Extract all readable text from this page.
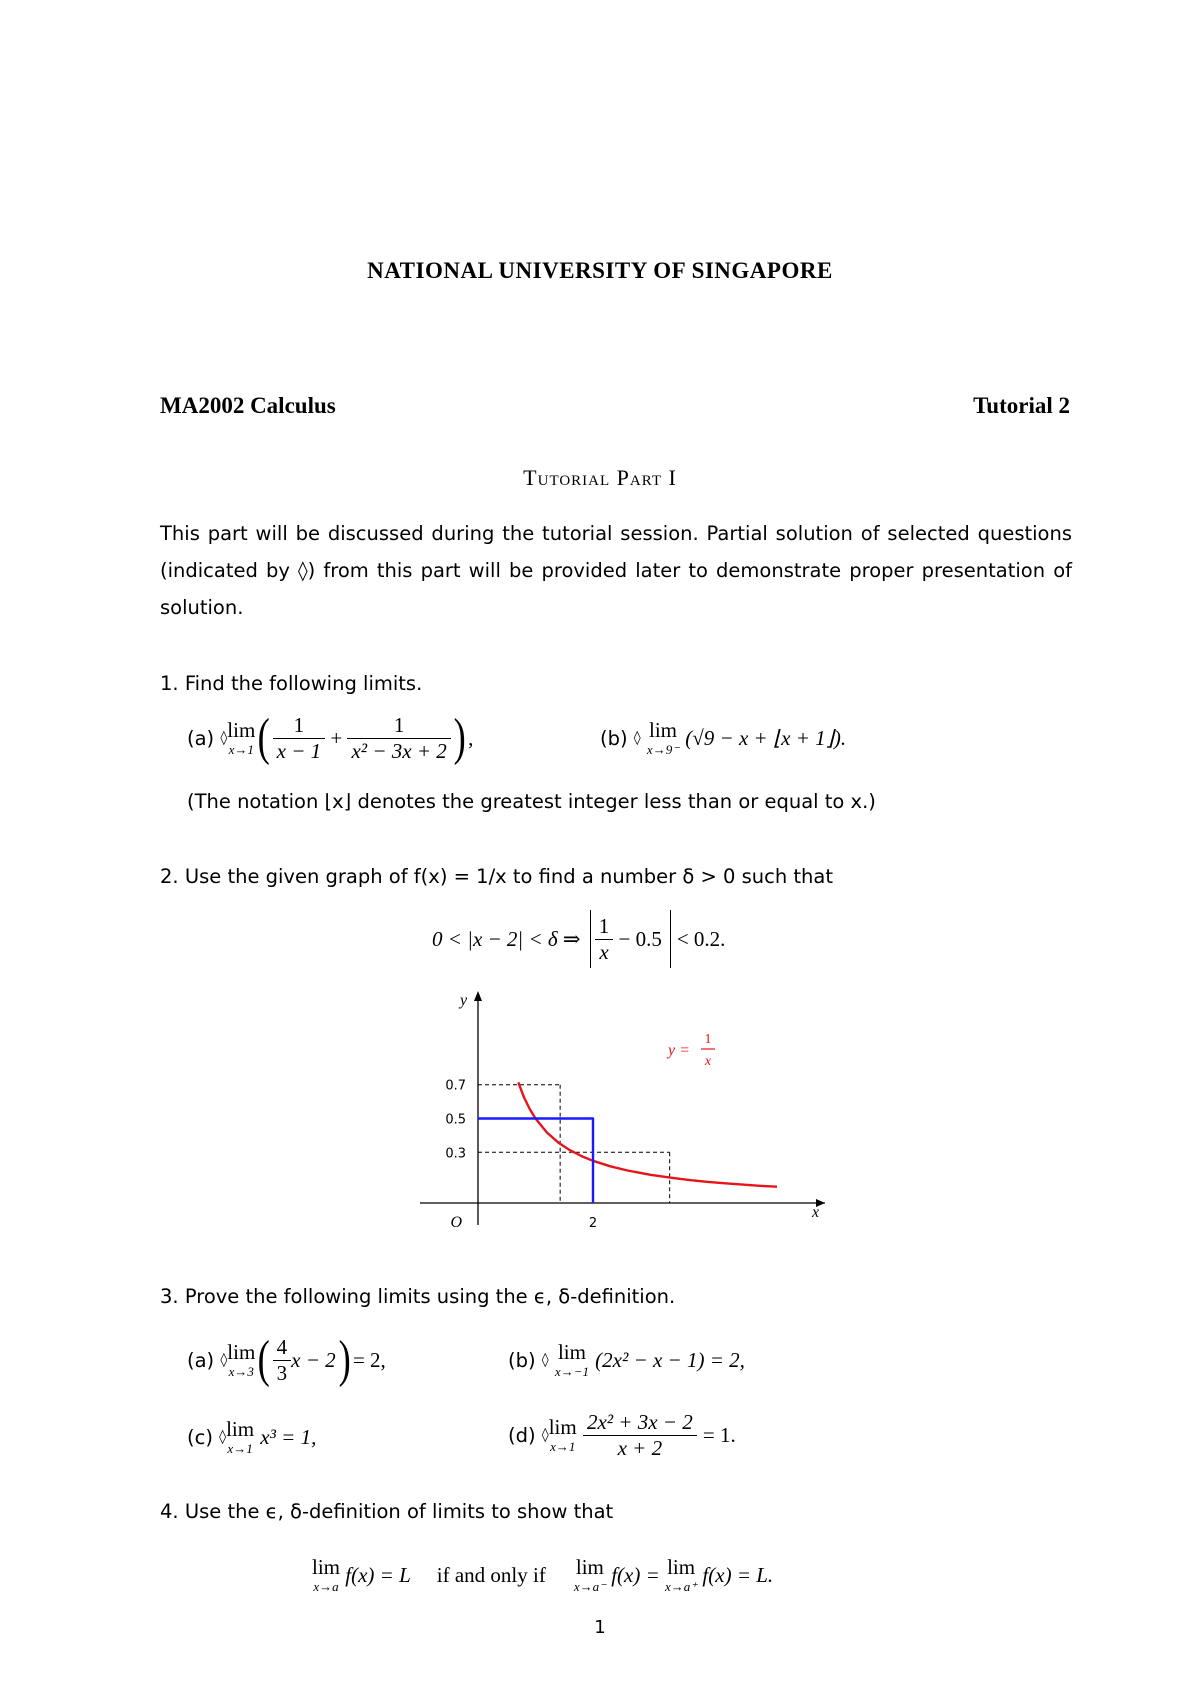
NATIONAL UNIVERSITY OF SINGAPORE
MA2002 Calculus	Tutorial 2
Tutorial Part I
This part will be discussed during the tutorial session. Partial solution of selected questions (indicated by ◊) from this part will be provided later to demonstrate proper presentation of solution.
1. Find the following limits.
(a)
◊ lim
x→1 ( $\frac{1}{x - 1} + \frac{1}{\text{x² − 3x + 2}}$ ) ,	(b)
◊
lim
x→9⁻
(√9 − x + ⌊x + 1⌋).
(The notation ⌊x⌋ denotes the greatest integer less than or equal to x.)
2. Use the given graph of f(x) = 1/x to find a number δ > 0 such that
0 < |x − 2| < δ ⇒
$\frac{1}{x}$
− 0.5 < 0.2.
0.3
0.5
0.7
2
O
x
y
y =
1
x
3. Prove the following limits using the ϵ, δ-definition.
(a)
◊ lim
x→3 ( $\frac{4}{3}$ x − 2 ) = 2,	(b)
◊
lim
x→−1
(2x² − x − 1) = 2,
(c)
◊ lim
x→1
x³ = 1,	(d)
◊ lim
x→1
$\frac{\text{2x² + 3x − 2}}{x + 2}$
= 1.
4. Use the ϵ, δ-definition of limits to show that
lim
x→a
f(x) = L if and only if lim
x→a⁻
f(x) =
lim
x→a⁺
f(x) = L.
1
